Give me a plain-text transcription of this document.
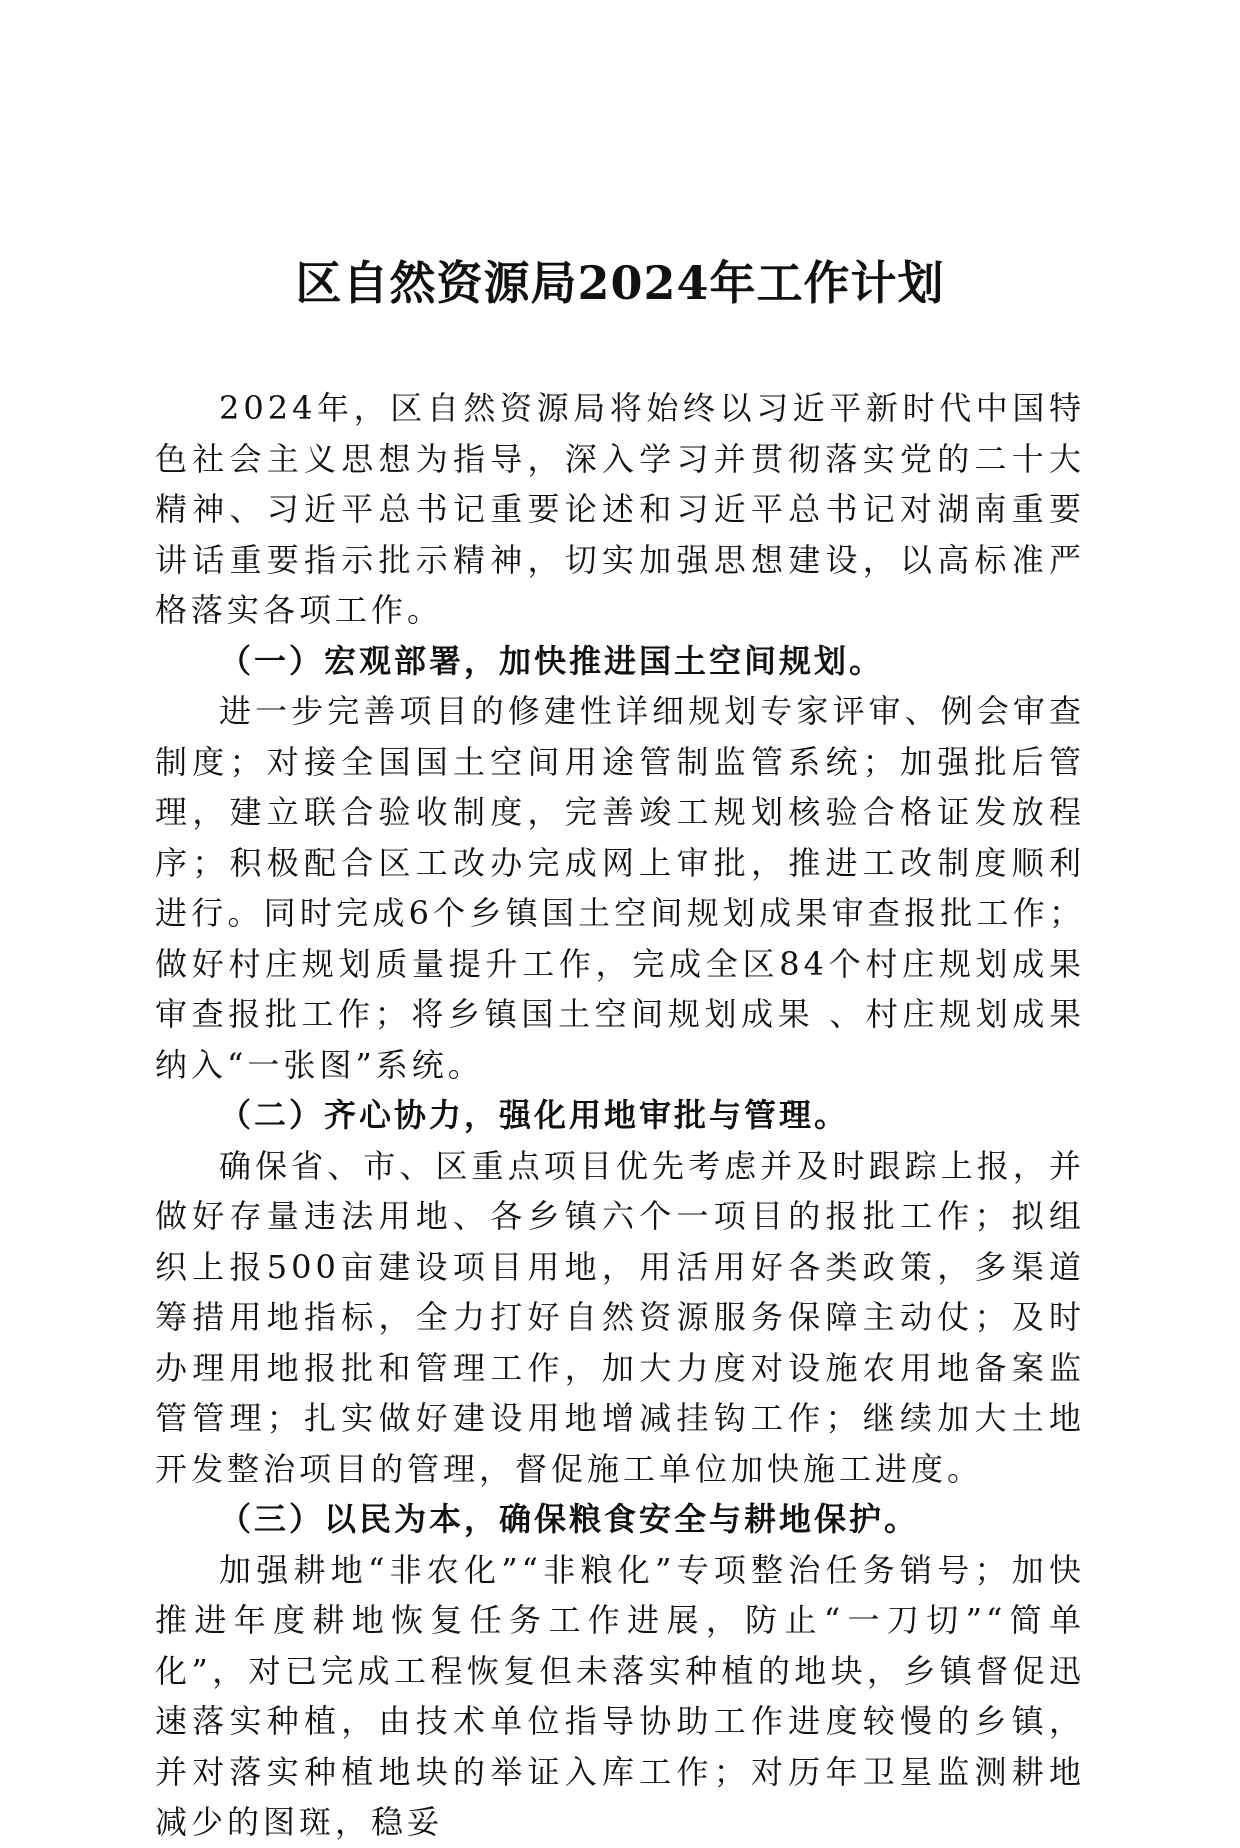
区自然资源局2024年工作计划

2024年，区自然资源局将始终以习近平新时代中国特色社会主义思想为指导，深入学习并贯彻落实党的二十大精神、习近平总书记重要论述和习近平总书记对湖南重要讲话重要指示批示精神，切实加强思想建设，以高标准严格落实各项工作。

（一）宏观部署，加快推进国土空间规划。

进一步完善项目的修建性详细规划专家评审、例会审查制度；对接全国国土空间用途管制监管系统；加强批后管理，建立联合验收制度，完善竣工规划核验合格证发放程序；积极配合区工改办完成网上审批，推进工改制度顺利进行。同时完成6个乡镇国土空间规划成果审查报批工作；做好村庄规划质量提升工作，完成全区84个村庄规划成果审查报批工作；将乡镇国土空间规划成果 、村庄规划成果纳入“一张图”系统。

（二）齐心协力，强化用地审批与管理。

确保省、市、区重点项目优先考虑并及时跟踪上报，并做好存量违法用地、各乡镇六个一项目的报批工作；拟组织上报500亩建设项目用地，用活用好各类政策，多渠道筹措用地指标，全力打好自然资源服务保障主动仗；及时办理用地报批和管理工作，加大力度对设施农用地备案监管管理；扎实做好建设用地增减挂钩工作；继续加大土地开发整治项目的管理，督促施工单位加快施工进度。

（三）以民为本，确保粮食安全与耕地保护。

加强耕地“非农化”“非粮化”专项整治任务销号；加快推进年度耕地恢复任务工作进展，防止“一刀切”“简单化”，对已完成工程恢复但未落实种植的地块，乡镇督促迅速落实种植，由技术单位指导协助工作进度较慢的乡镇，并对落实种植地块的举证入库工作；对历年卫星监测耕地减少的图斑，稳妥
